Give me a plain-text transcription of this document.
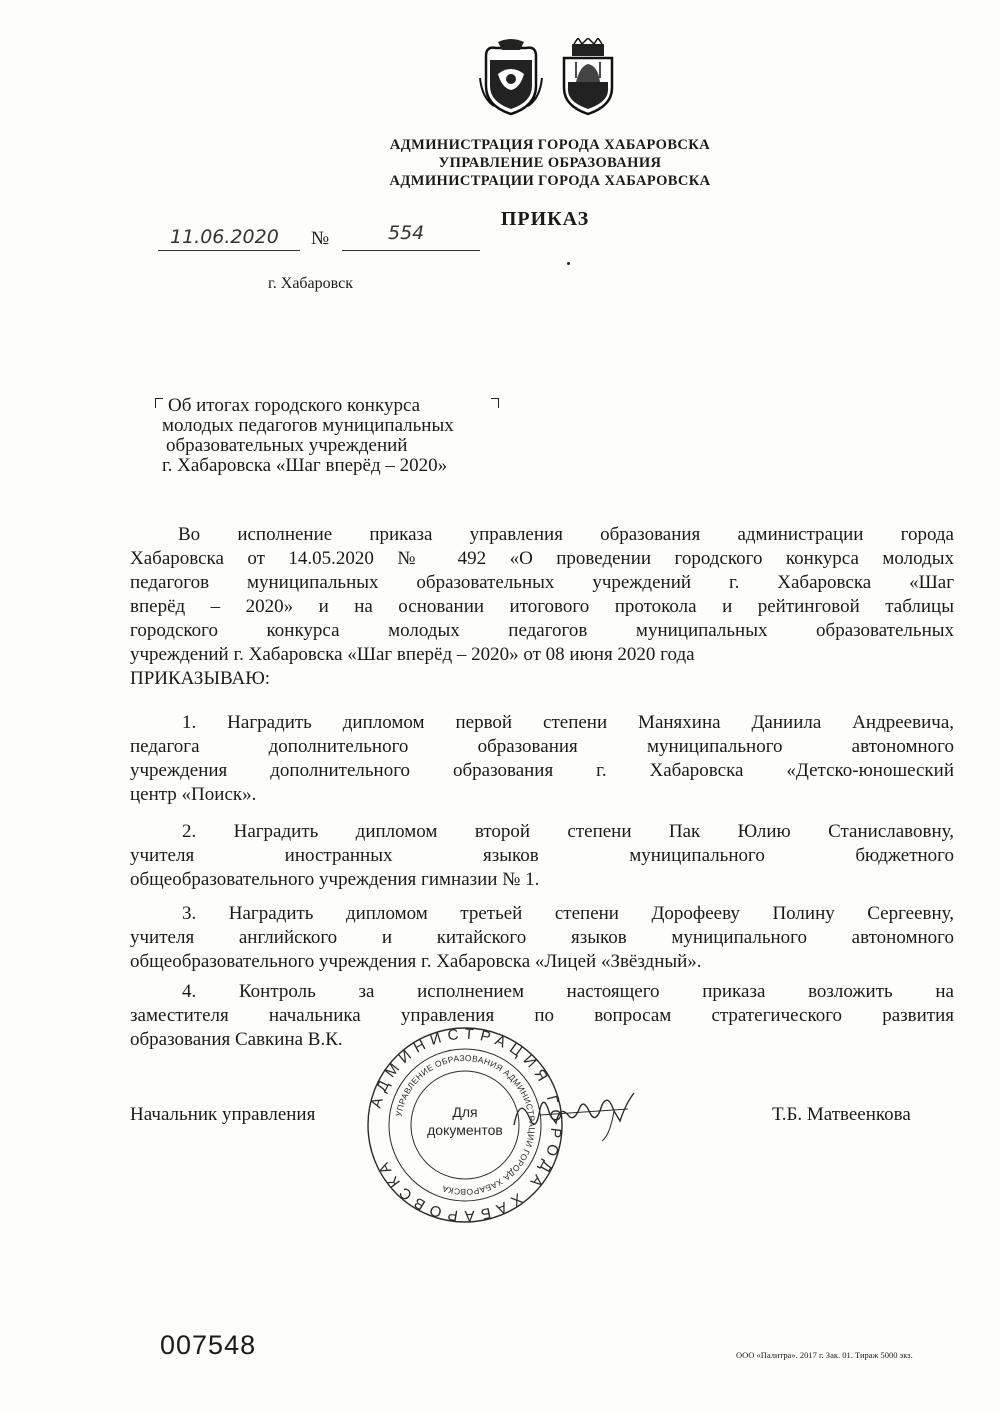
АДМИНИСТРАЦИЯ ГОРОДА ХАБАРОВСКА
УПРАВЛЕНИЕ ОБРАЗОВАНИЯ
АДМИНИСТРАЦИИ ГОРОДА ХАБАРОВСКА
ПРИКАЗ
11.06.2020 №	554
г. Хабаровск
Об итогах городского конкурса
молодых педагогов муниципальных
образовательных учреждений
г. Хабаровска «Шаг вперёд – 2020»
Во исполнение приказа управления образования администрации города
Хабаровска от 14.05.2020 № 492 «О проведении городского конкурса молодых
педагогов муниципальных образовательных учреждений г. Хабаровска «Шаг
вперёд – 2020» и на основании итогового протокола и рейтинговой таблицы
городского конкурса молодых педагогов муниципальных образовательных
учреждений г. Хабаровска «Шаг вперёд – 2020» от 08 июня 2020 года
ПРИКАЗЫВАЮ:
1. Наградить дипломом первой степени Маняхина Даниила Андреевича,
педагога дополнительного образования муниципального автономного
учреждения дополнительного образования г. Хабаровска «Детско-юношеский
центр «Поиск».
2. Наградить дипломом второй степени Пак Юлию Станиславовну,
учителя иностранных языков муниципального бюджетного
общеобразовательного учреждения гимназии № 1.
3. Наградить дипломом третьей степени Дорофееву Полину Сергеевну,
учителя английского и китайского языков муниципального автономного
общеобразовательного учреждения г. Хабаровска «Лицей «Звёздный».
4. Контроль за исполнением настоящего приказа возложить на
заместителя начальника управления по вопросам стратегического развития
образования Савкина В.К.
АДМИНИСТРАЦИЯ ГОРОДА ХАБАРОВСКА
УПРАВЛЕНИЕ ОБРАЗОВАНИЯ АДМИНИСТРАЦИИ ГОРОДА ХАБАРОВСКА
Для
документов
Начальник управления	Т.Б. Матвеенкова
007548	ООО «Палитра». 2017 г. Зак. 01. Тираж 5000 экз.
